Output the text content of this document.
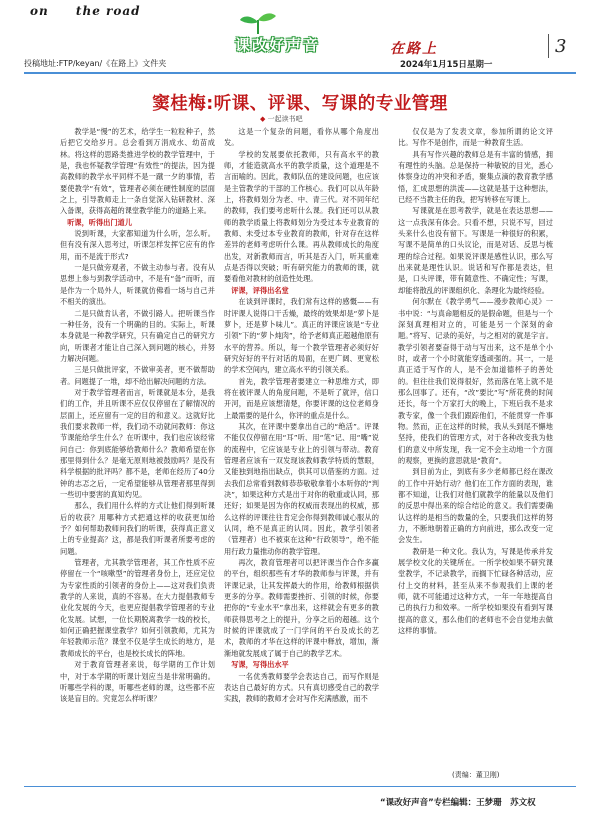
on the road
课改好声音	在路上	3
投稿地址:FTP/keyan/《在路上》文件夹	2024年1月15日星期一
窦桂梅:听课、评课、写课的专业管理
◆ 一起读书吧

教学是“慢”的艺术，给学生一粒粒种子，然后把它交给岁月。总会看到万涓成水、幼苗成林。将这样的思路类推进学校的教学管理中，于是，我也怀疑教学管理“有效性”的提法，因为提高教师的教学水平同样不是一蹴一夕的事情，若要使教学“有效”，管理者必须在硬性制度的层面之上，引导教师走上一条自觉深入钻研教材、深入备课，获得高超的课堂教学能力的道路上来。

听课，听得出门道儿

说到听课，大家都知道为什么听，怎么听。但有没有深入思考过，听课怎样发挥它应有的作用，而不是流于形式?

一是只做旁观者，不做主动参与者。没有从思想上参与到教学活动中，不是有“备”而听，而是作为一个局外人，听课就仿佛看一场与自己并不相关的演出。

二是只做肯认者，不做引路人。把听课当作一种任务，没有一个明确的目的。实际上，听课本身就是一种教学研究，只有确定自己的研究方向，听课者才能让自己深入到问题的核心，并努力解决问题。

三是只做批评家，不做审美者，更不做帮助者。问题提了一堆，却不给出解决问题的方法。

对于教学管理者而言，听课就是本分，是我们的工作，并且听课不应仅仅停留在了解情况的层面上，还应留有一定的目的和意义。这就好比我们要求教师一样，我们动不动就问教师：你这节课能给学生什么？在听课中，我们也应该经常问自己：你到底能够给教师什么？教师希望在你那里得到什么？是毫无原则地被鼓励吗？是没有科学根据的批评吗？都不是，老师在经历了40分钟的志忑之后，一定希望能够从管理者那里得到一些切中要害的真知灼见。

那么，我们用什么样的方式让他们得到听课后的收获？用哪种方式把通这样的收获更加给予？如何帮助教师问我们的听课，获得真正意义上的专业提高？这，都是我们听课者所要考虑的问题。

管理者，尤其教学管理者，其工作性质不应停留在一个“咳嗽型”的管理者身份上，还应定位为专家性质的引领者的身份上——这对我们负责教学的人来说，真的不容易。在大力提倡教师专业化发展的今天，也更应提倡教学管理者的专业化发展。试想，一位长期脱离教学一线的校长，如何正确把握课堂教学？如何引领教师，尤其为年轻教师示范？课堂不仅是学生成长的地方，是教师成长的平台，也是校长成长的阵地。

对于教育管理者来说，每学期的工作计划中，对于本学期的听课计划应当是非常明确的。听哪些学科的课，听哪些老师的课，这些都不应该是盲目的。究竟怎么样听课？

这是一个复杂的问题，看你从哪个角度出发。

学校的发展要依托教师，只有高水平的教师，才能造就高水平的教学质量，这个道理是不言而喻的。因此，教师队伍的建设问题，也应该是主管教学的干部的工作核心。我们可以从年龄上，将教师划分为老、中、青三代。对不同年纪的教师，我们要考虑听什么课。我们还可以从教师的教学质量上将教师划分为受过本专业教育的教师、未受过本专业教育的教师，针对存在这样差异的老师考虑听什么课。再从教师成长的角度出发，对新教师而言，听其是否入门，听其重难点是否得以突破；听有研究能力的教师的课，就要看他对教材的创造性处理。

评课，评得出名堂

在谈到评课时，我们常有这样的感慨——有时评课人说得口干舌燥，最终的效果却是“萝卜是萝卜，还是萝卜味儿”。真正的评课应该是“专业引领”下的“萝卜炖肉”，给予老师真正超越他原有水平的营养。所以，每一个教学管理者必须好好研究好好的平行对话的局面，在更广阔、更宽松的学术空间内，建立高水平的引领关系。

首先，教学管理者要建立一种思维方式，即将在被评课人的角度问题，不是听了就评，信口开河，而是应该想清楚，你要评课的这位老师身上最需要的是什么，你评的重点是什么。

其次，在评课中要拿出自己的“绝活”。评课不能仅仅停留在用“耳”听、用“笔”记、用“嘴”说的流程中，它应该是专业上的引领与带动。教育管理者应该有一双发现该教师教学特质的慧眼，又能独到地指出缺点，供其可以借鉴的方面。过去我们总常看到教师恭恭敬敬拿着小本听你的“判决”，如果这种方式是出于对你的敬重或认同，那还好；如果是因为你的权威而表现出的权威，那么这样的评课往往肯定会你得到教师诚心服从的认同，绝不是真正的认同。因此，教学引领者（管理者）也不被束在这种“行政领导”，绝不能用行政力量推动你的教学管理。

再次，教育管理者可以把评课当作合作多赢的平台，组织那些有才华的教师参与评课，并有评课记录，让其发挥最大的作用，给教师根据供更多的分享。教师需要挫折、引领的时候，你要把你的“专业水平”拿出来，这样就会有更多的教师获得思考之上的提升，分享之后的超越。这个时候的评课就成了一门学问的平台及成长的艺术，教师的才华在这样的评课中释放，增加，渐渐地就发展成了属于自己的教学艺术。

写课，写得出水平

一名优秀教师要学会表达自己，而写作则是表达自己最好的方式。只有真切感受自己的教学实践，教师的教师才会对写作充满感激，而不

仅仅是为了发表文章，参加所谓的论文评比。写作不是创作，而是一种教育生活。

具有写作兴趣的教师总是有丰富的情感，拥有理性的头脑。总是保持一种敏锐的目光，悉心体察身边的冲突和矛盾，聚集点滴的教育教学感悟，汇成思想的洪流——这就是基于这种想法，已经不当教主任的我，把写转移在写课上。

写课就是在思考教学，就是在表达思想——这一点我深有体会。只看不想，只说不写，回过头来什么也没有留下。写课是一种很好的积累，写课不是简单的口头议论，而是对话、反思与梳理的综合过程。如果说评课是感性认识，那么写出来就是理性认识。说话和写作都是表达，但是，口头评课，带有随意性、不确定性；写课，却能将散乱的评课组织化、条理化为最终经验。

何尔默在《教学勇气——漫步教师心灵》一书中说：“与真命题相反的是假命题，但是与一个深刻真理相对立的，可能是另一个深刻的命题。”将写、记录的美好，与之相对的就是字言。教学引领者要奋得于动与写出来，这不是单个小时，或者一个小时就能穿透顽强的。其一，一是真正适于写作的人，是不会加道德杯子的善处的。但往往我们说得很好，然而落在笔上就不是那么回事了。还有，“改”要比“写”所花费的时间还长，每一个万家打大的晚上，下班后我不是求教专家，像一个我们跟踪他们，不能贯穿一件事物。然而，正在这样的时候，我从头到尾不懈地坚持，使我们的管理方式，对于各种改变我为他们的意义中所发现，我一定不会主动地一个方面的观察，更换的意思就是“教育”。

到目前为止，到底有多少老师都已经在课改的工作中开始行动？他们在工作方面的表现，谁都不知道，让我们对他们就教学的能量以及他们的反思中得出来的综合结论的意义。我们需要确认这样的是相当的数量的全，只要我们这样的努力，不断地朝着正确的方向前进，那么改变一定会发生。

教研是一种文化。我认为，写课是传承并发展学校文化的关键所在。一所学校如果不研究课堂教学，不记录教学，而搁下忙碌各种活动，应付上交的材料，甚至从来不参观我们上课的老师，就不可能通过这种方式，一年一年地提高自己的执行力和效率。一所学校如果没有看到写课提高的意义，那么他们的老师也不会自觉地去做这样的事情。

(责编：董卫刚)
“课改好声音”专栏编辑：王梦珊　苏文权
